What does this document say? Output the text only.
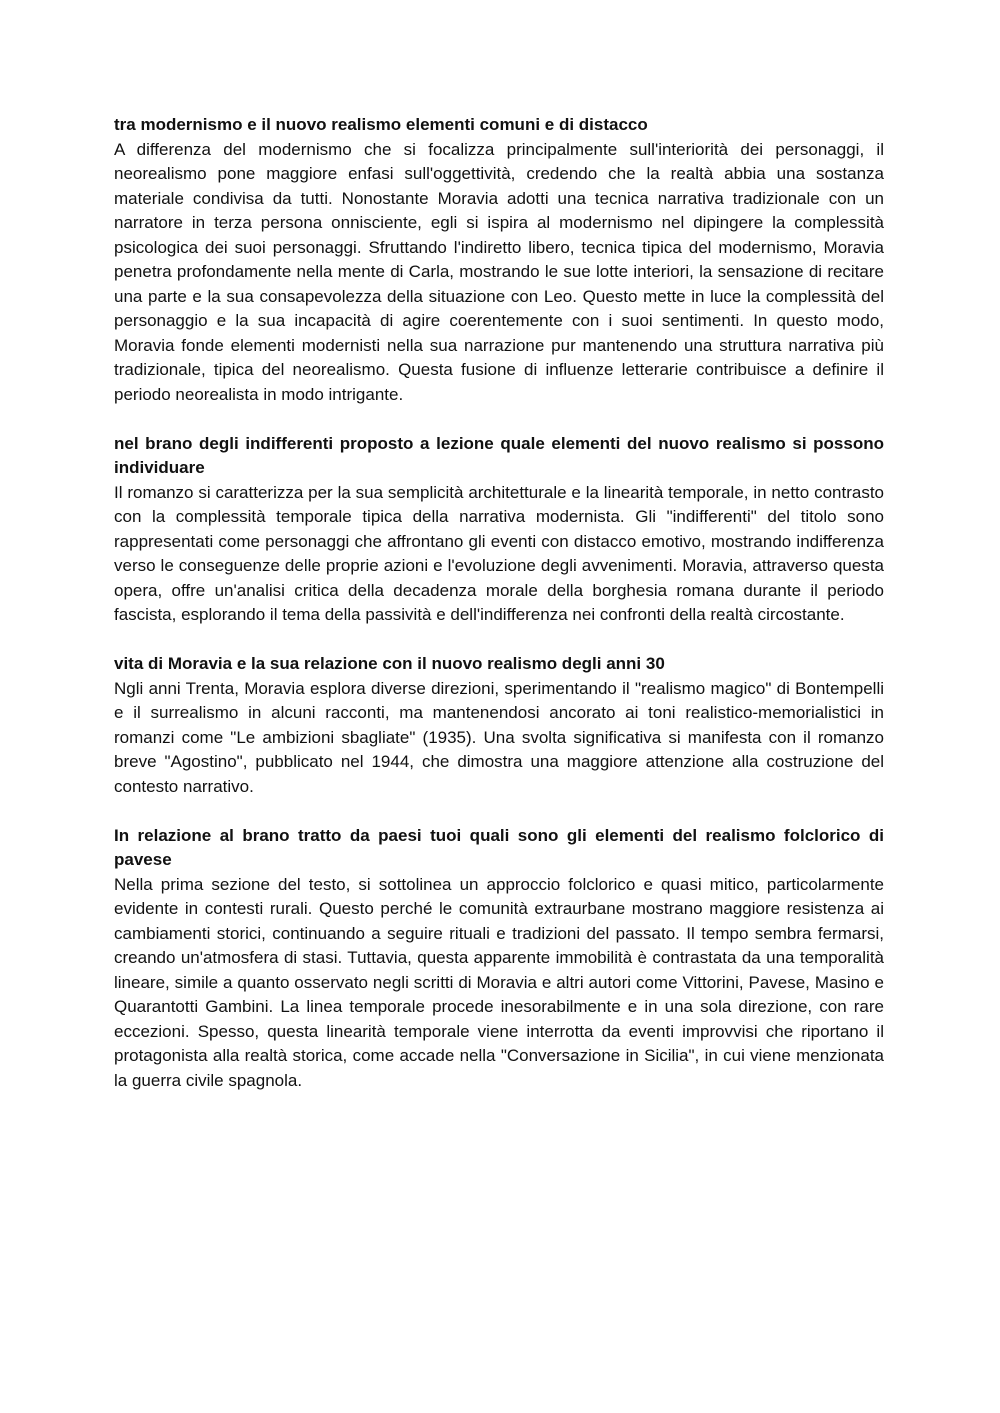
tra modernismo e il nuovo realismo elementi comuni e di distacco

A differenza del modernismo che si focalizza principalmente sull'interiorità dei personaggi, il neorealismo pone maggiore enfasi sull'oggettività, credendo che la realtà abbia una sostanza materiale condivisa da tutti. Nonostante Moravia adotti una tecnica narrativa tradizionale con un narratore in terza persona onnisciente, egli si ispira al modernismo nel dipingere la complessità psicologica dei suoi personaggi. Sfruttando l'indiretto libero, tecnica tipica del modernismo, Moravia penetra profondamente nella mente di Carla, mostrando le sue lotte interiori, la sensazione di recitare una parte e la sua consapevolezza della situazione con Leo. Questo mette in luce la complessità del personaggio e la sua incapacità di agire coerentemente con i suoi sentimenti. In questo modo, Moravia fonde elementi modernisti nella sua narrazione pur mantenendo una struttura narrativa più tradizionale, tipica del neorealismo. Questa fusione di influenze letterarie contribuisce a definire il periodo neorealista in modo intrigante.

nel brano degli indifferenti proposto a lezione quale elementi del nuovo realismo si possono individuare

Il romanzo si caratterizza per la sua semplicità architetturale e la linearità temporale, in netto contrasto con la complessità temporale tipica della narrativa modernista. Gli "indifferenti" del titolo sono rappresentati come personaggi che affrontano gli eventi con distacco emotivo, mostrando indifferenza verso le conseguenze delle proprie azioni e l'evoluzione degli avvenimenti. Moravia, attraverso questa opera, offre un'analisi critica della decadenza morale della borghesia romana durante il periodo fascista, esplorando il tema della passività e dell'indifferenza nei confronti della realtà circostante.

vita di Moravia e la sua relazione con il nuovo realismo degli anni 30

Ngli anni Trenta, Moravia esplora diverse direzioni, sperimentando il "realismo magico" di Bontempelli e il surrealismo in alcuni racconti, ma mantenendosi ancorato ai toni realistico-memorialistici in romanzi come "Le ambizioni sbagliate" (1935). Una svolta significativa si manifesta con il romanzo breve "Agostino", pubblicato nel 1944, che dimostra una maggiore attenzione alla costruzione del contesto narrativo.

In relazione al brano tratto da paesi tuoi quali sono gli elementi del realismo folclorico di pavese

Nella prima sezione del testo, si sottolinea un approccio folclorico e quasi mitico, particolarmente evidente in contesti rurali. Questo perché le comunità extraurbane mostrano maggiore resistenza ai cambiamenti storici, continuando a seguire rituali e tradizioni del passato. Il tempo sembra fermarsi, creando un'atmosfera di stasi. Tuttavia, questa apparente immobilità è contrastata da una temporalità lineare, simile a quanto osservato negli scritti di Moravia e altri autori come Vittorini, Pavese, Masino e Quarantotti Gambini. La linea temporale procede inesorabilmente e in una sola direzione, con rare eccezioni. Spesso, questa linearità temporale viene interrotta da eventi improvvisi che riportano il protagonista alla realtà storica, come accade nella "Conversazione in Sicilia", in cui viene menzionata la guerra civile spagnola.
